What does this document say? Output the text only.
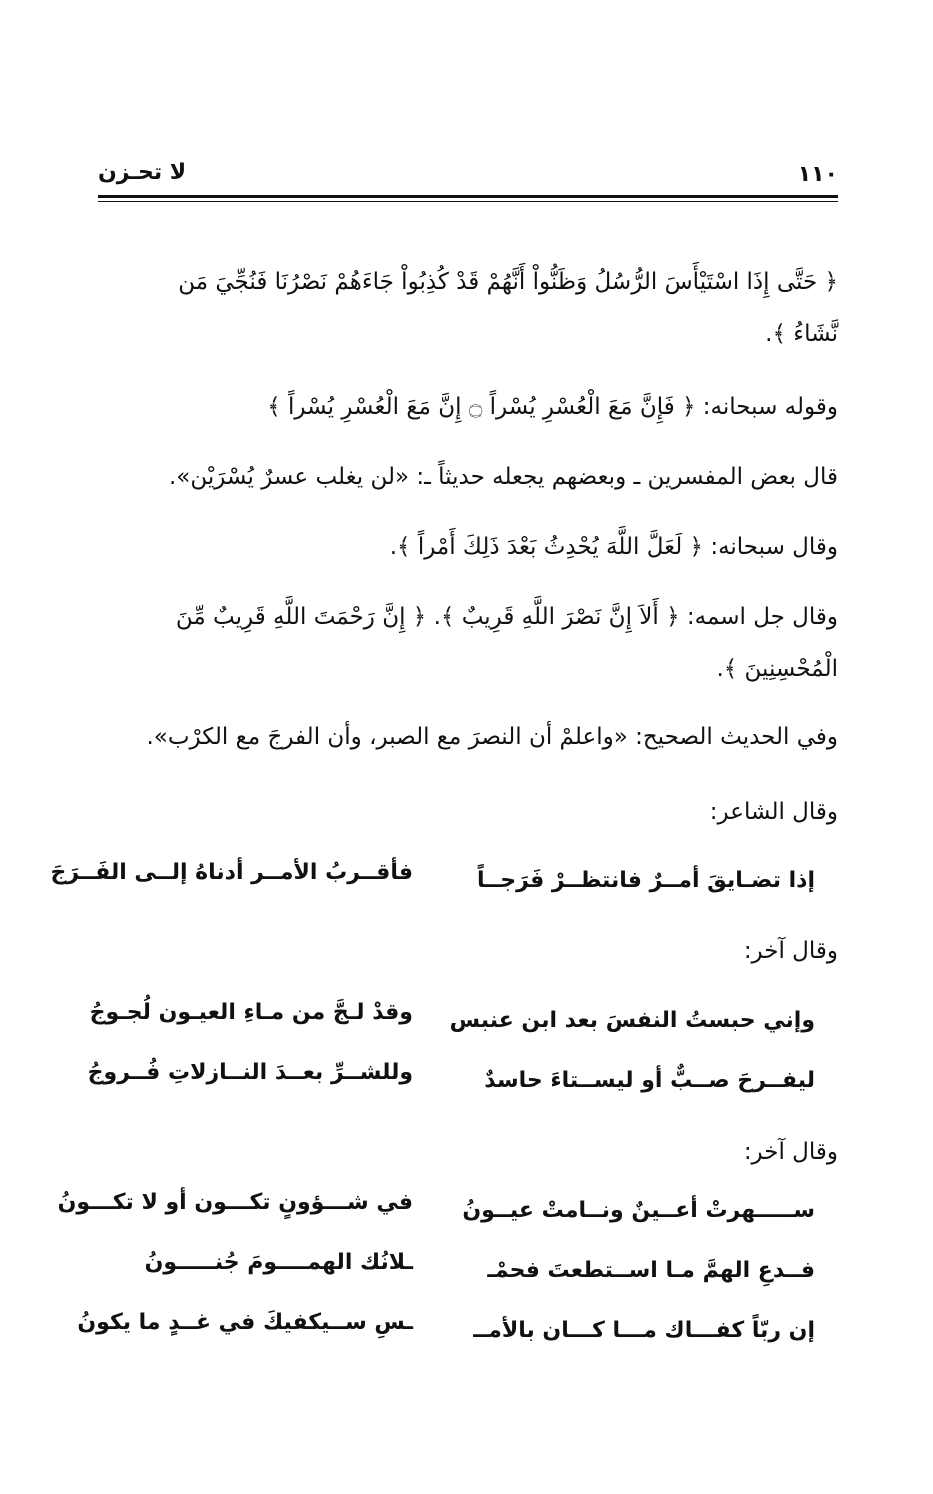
١١٠
لا تحـزن
﴿ حَتَّى إِذَا اسْتَيْأَسَ الرُّسُلُ وَظَنُّواْ أَنَّهُمْ قَدْ كُذِبُواْ جَاءَهُمْ نَصْرُنَا فَنُجِّيَ مَن
نَّشَاءُ ﴾.
وقوله سبحانه: ﴿ فَإِنَّ مَعَ الْعُسْرِ يُسْراً ۝ إِنَّ مَعَ الْعُسْرِ يُسْراً ﴾
قال بعض المفسرين ـ وبعضهم يجعله حديثاً ـ: «لن يغلب عسرٌ يُسْرَيْن».
وقال سبحانه: ﴿ لَعَلَّ اللَّهَ يُحْدِثُ بَعْدَ ذَلِكَ أَمْراً ﴾.
وقال جل اسمه: ﴿ أَلاَ إِنَّ نَصْرَ اللَّهِ قَرِيبٌ ﴾. ﴿ إِنَّ رَحْمَتَ اللَّهِ قَرِيبٌ مِّنَ
الْمُحْسِنِينَ ﴾.
وفي الحديث الصحيح: «واعلمْ أن النصرَ مع الصبر، وأن الفرجَ مع الكرْب».
وقال الشاعر:
إذا تضـايقَ أمــرٌ فانتظــرْ فَرَجــاً
فأقــربُ الأمــر أدناهُ إلــى الفَــرَجَ
وقال آخر:
وإني حبستُ النفسَ بعد ابن عنبس
وقدْ لـجَّ من مـاءِ العيـون لُجـوجُ
ليفــرحَ صــبٌّ أو ليســتاءَ حاسدٌ
وللشــرِّ بعــدَ النــازلاتِ فُــروجُ
وقال آخر:
ســـــهرتْ أعــينٌ ونــامتْ عيــونُ
في شـــؤونٍ تكـــون أو لا تكـــونُ
فــدعِ الهمَّ مـا اســتطعتَ فحمْـ
ـلانُك الهمــــومَ جُنـــــونُ
إن ربّاً كفـــاك مـــا كـــان بالأمــ
ـسِ ســيكفيكَ في غــدٍ ما يكونُ
